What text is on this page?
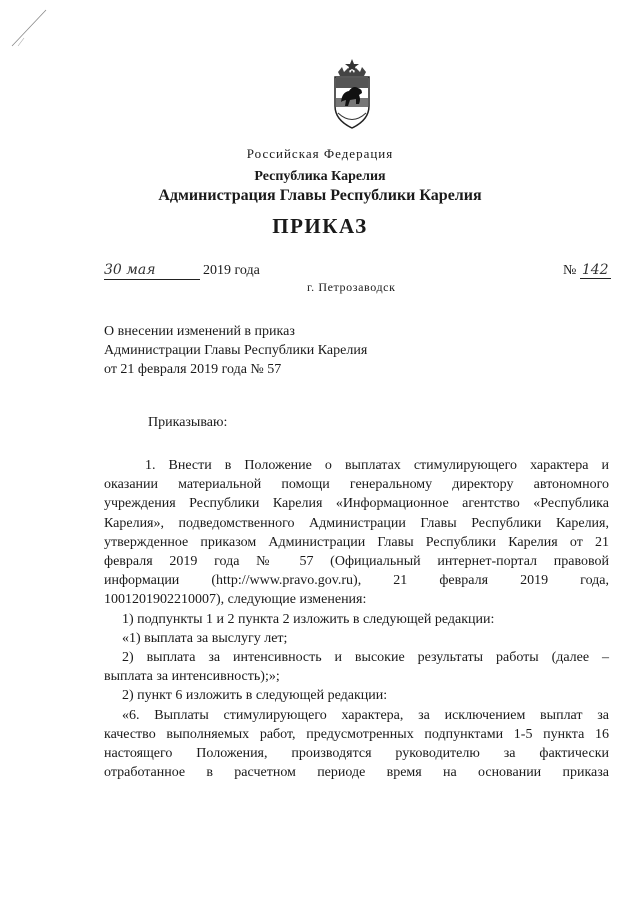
Российская Федерация
Республика Карелия
Администрация Главы Республики Карелия
ПРИКАЗ
30 мая	2019 года
г. Петрозаводск
№ 142
О внесении изменений в приказ
Администрации Главы Республики Карелия
от 21 февраля 2019 года № 57
Приказываю:
1. Внести в Положение о выплатах стимулирующего характера и
оказании материальной помощи генеральному директору автономного
учреждения Республики Карелия «Информационное агентство «Республика
Карелия», подведомственного Администрации Главы Республики Карелия,
утвержденное приказом Администрации Главы Республики Карелия от 21
февраля 2019 года № 57 (Официальный интернет-портал правовой
информации (http://www.pravo.gov.ru), 21 февраля 2019 года,
1001201902210007), следующие изменения:
1) подпункты 1 и 2 пункта 2 изложить в следующей редакции:
«1) выплата за выслугу лет;
2) выплата за интенсивность и высокие результаты работы (далее –
выплата за интенсивность);»;
2) пункт 6 изложить в следующей редакции:
«6. Выплаты стимулирующего характера, за исключением выплат за
качество выполняемых работ, предусмотренных подпунктами 1-5 пункта 16
настоящего Положения, производятся руководителю за фактически
отработанное в расчетном периоде время на основании приказа
